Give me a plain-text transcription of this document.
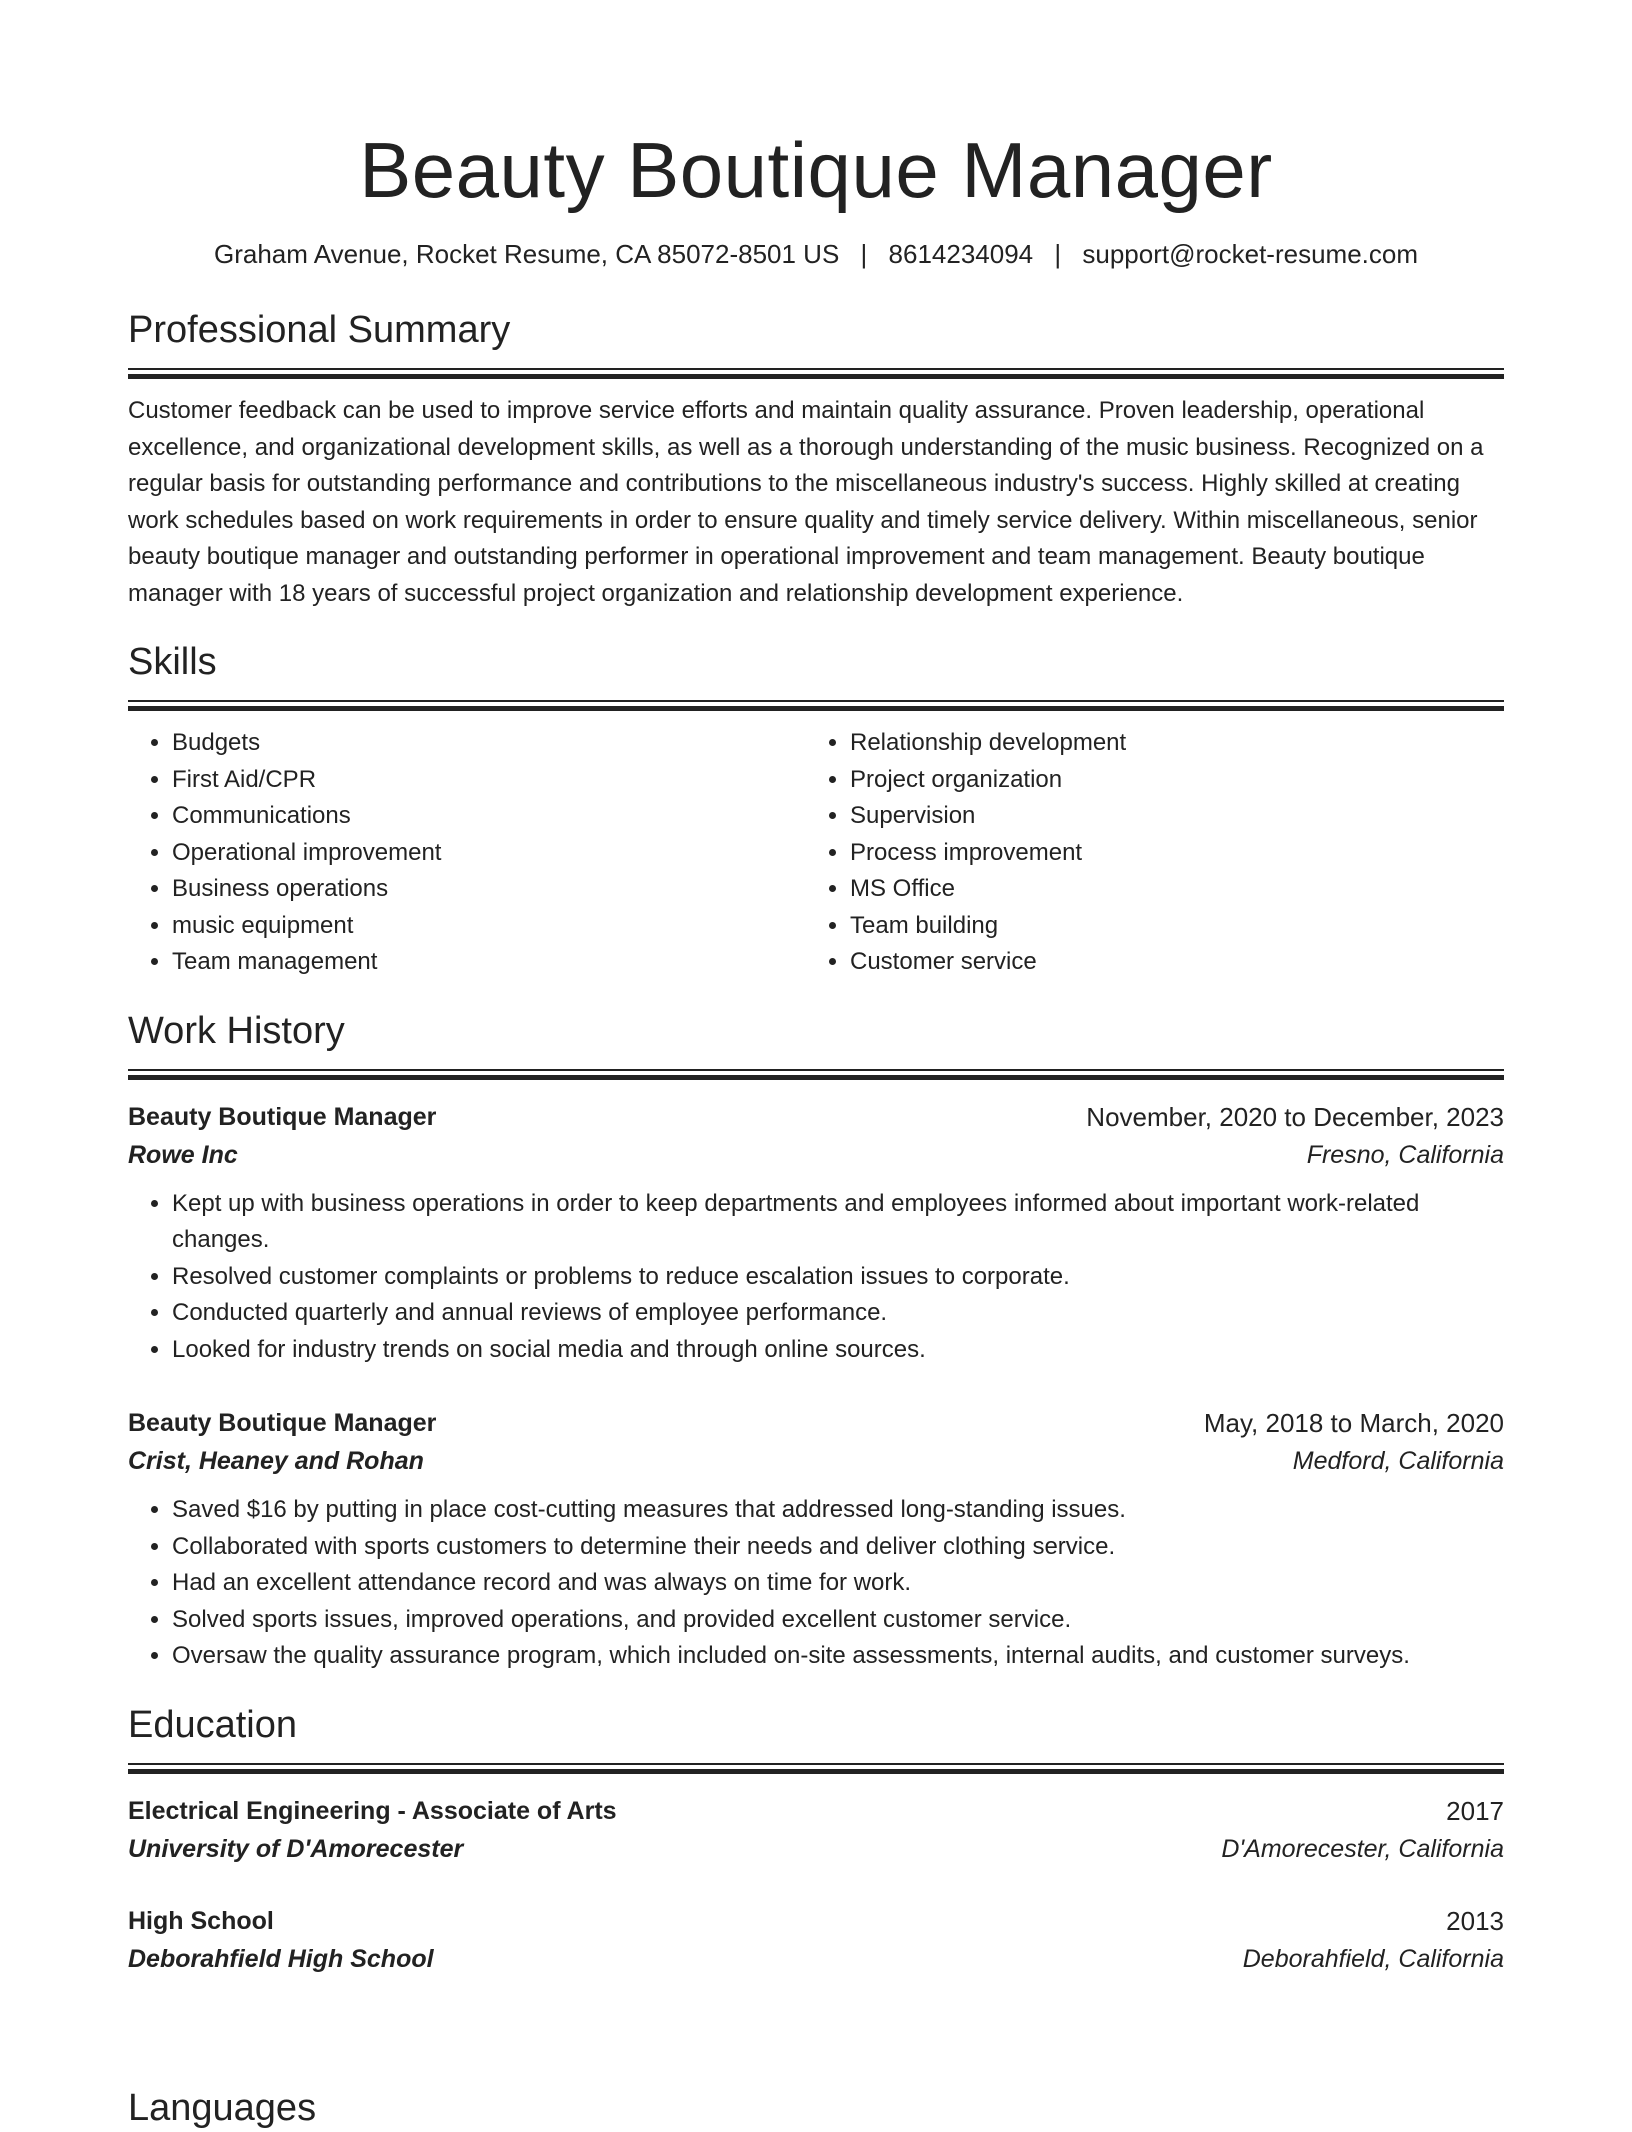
Beauty Boutique Manager
Graham Avenue, Rocket Resume, CA 85072-8501 US | 8614234094 | support@rocket-resume.com
Professional Summary
Customer feedback can be used to improve service efforts and maintain quality assurance. Proven leadership, operational excellence, and organizational development skills, as well as a thorough understanding of the music business. Recognized on a regular basis for outstanding performance and contributions to the miscellaneous industry's success. Highly skilled at creating work schedules based on work requirements in order to ensure quality and timely service delivery. Within miscellaneous, senior beauty boutique manager and outstanding performer in operational improvement and team management. Beauty boutique manager with 18 years of successful project organization and relationship development experience.
Skills
• Budgets
• First Aid/CPR
• Communications
• Operational improvement
• Business operations
• music equipment
• Team management
• Relationship development
• Project organization
• Supervision
• Process improvement
• MS Office
• Team building
• Customer service
Work History
Beauty Boutique Manager	November, 2020 to December, 2023
Rowe Inc	Fresno, California
• Kept up with business operations in order to keep departments and employees informed about important work-related changes.
• Resolved customer complaints or problems to reduce escalation issues to corporate.
• Conducted quarterly and annual reviews of employee performance.
• Looked for industry trends on social media and through online sources.
Beauty Boutique Manager	May, 2018 to March, 2020
Crist, Heaney and Rohan	Medford, California
• Saved $16 by putting in place cost-cutting measures that addressed long-standing issues.
• Collaborated with sports customers to determine their needs and deliver clothing service.
• Had an excellent attendance record and was always on time for work.
• Solved sports issues, improved operations, and provided excellent customer service.
• Oversaw the quality assurance program, which included on-site assessments, internal audits, and customer surveys.
Education
Electrical Engineering - Associate of Arts	2017
University of D'Amorecester	D'Amorecester, California
High School	2013
Deborahfield High School	Deborahfield, California
Languages
